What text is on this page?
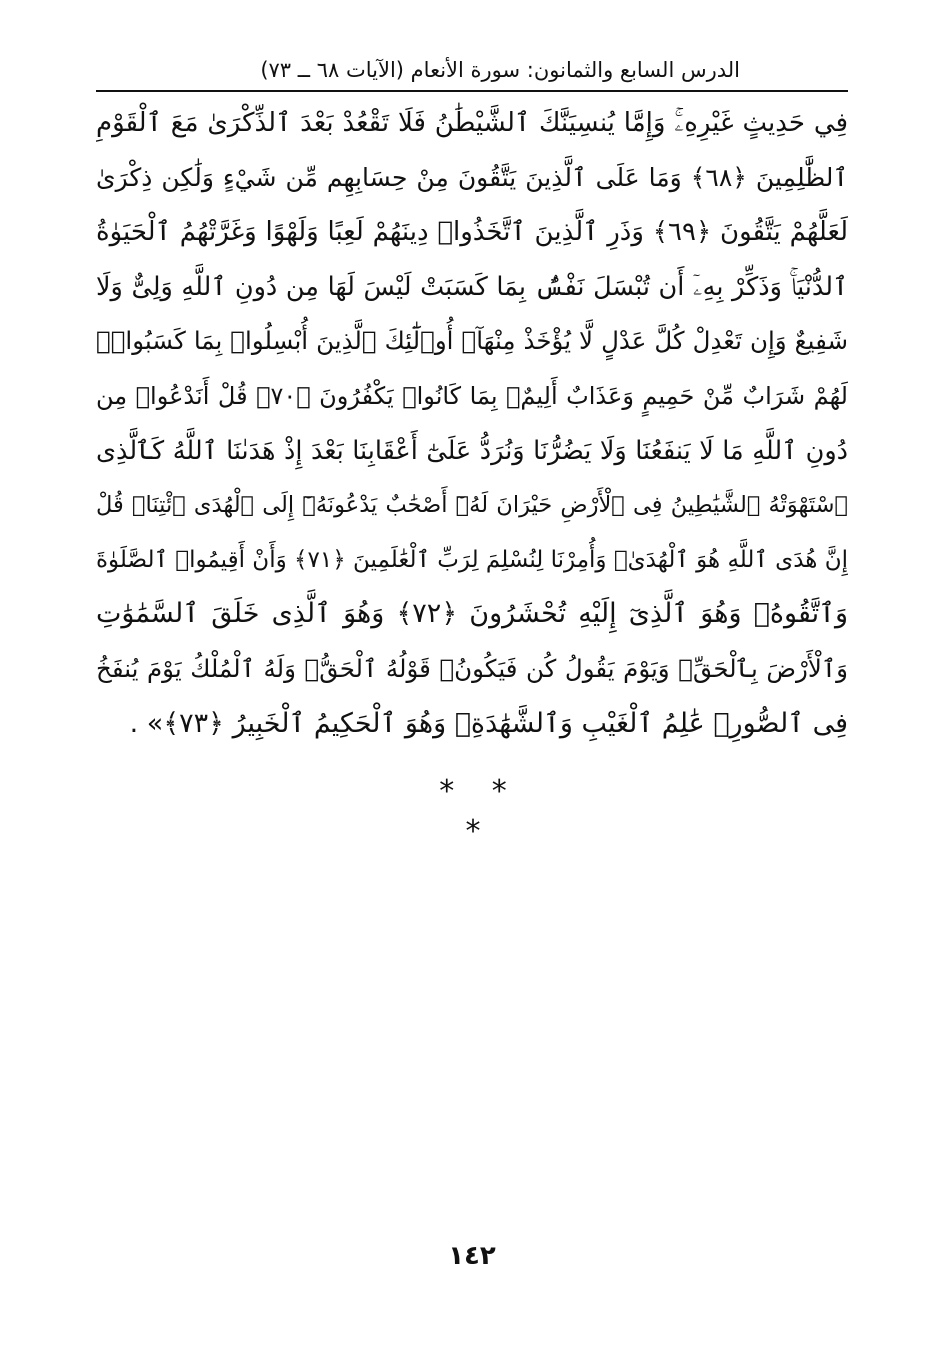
الدرس السابع والثمانون: سورة الأنعام (الآيات ٦٨ ــ ٧٣)
فِي حَدِيثٍ غَيْرِهِۦۚ وَإِمَّا يُنسِيَنَّكَ ٱلشَّيْطَٰنُ فَلَا تَقْعُدْ بَعْدَ ٱلذِّكْرَىٰ مَعَ ٱلْقَوْمِ
ٱلظَّٰلِمِينَ ﴿٦٨﴾ وَمَا عَلَى ٱلَّذِينَ يَتَّقُونَ مِنْ حِسَابِهِم مِّن شَيْءٍ وَلَٰكِن ذِكْرَىٰ
لَعَلَّهُمْ يَتَّقُونَ ﴿٦٩﴾ وَذَرِ ٱلَّذِينَ ٱتَّخَذُوا۟ دِينَهُمْ لَعِبًا وَلَهْوًا وَغَرَّتْهُمُ ٱلْحَيَوٰةُ
ٱلدُّنْيَاۚ وَذَكِّرْ بِهِۦٓ أَن تُبْسَلَ نَفْسٌۢ بِمَا كَسَبَتْ لَيْسَ لَهَا مِن دُونِ ٱللَّهِ وَلِىٌّ وَلَا
شَفِيعٌ وَإِن تَعْدِلْ كُلَّ عَدْلٍ لَّا يُؤْخَذْ مِنْهَآۗ أُو۟لَٰٓئِكَ ٱلَّذِينَ أُبْسِلُوا۟ بِمَا كَسَبُوا۟ۖ
لَهُمْ شَرَابٌ مِّنْ حَمِيمٍ وَعَذَابٌ أَلِيمٌۢ بِمَا كَانُوا۟ يَكْفُرُونَ ﴿٧٠﴾ قُلْ أَنَدْعُوا۟ مِن
دُونِ ٱللَّهِ مَا لَا يَنفَعُنَا وَلَا يَضُرُّنَا وَنُرَدُّ عَلَىٰٓ أَعْقَابِنَا بَعْدَ إِذْ هَدَىٰنَا ٱللَّهُ كَٱلَّذِى
ٱسْتَهْوَتْهُ ٱلشَّيَٰطِينُ فِى ٱلْأَرْضِ حَيْرَانَ لَهُۥٓ أَصْحَٰبٌ يَدْعُونَهُۥٓ إِلَى ٱلْهُدَى ٱئْتِنَاۗ قُلْ
إِنَّ هُدَى ٱللَّهِ هُوَ ٱلْهُدَىٰۖ وَأُمِرْنَا لِنُسْلِمَ لِرَبِّ ٱلْعَٰلَمِينَ ﴿٧١﴾ وَأَنْ أَقِيمُوا۟ ٱلصَّلَوٰةَ
وَٱتَّقُوهُۚ وَهُوَ ٱلَّذِىٓ إِلَيْهِ تُحْشَرُونَ ﴿٧٢﴾ وَهُوَ ٱلَّذِى خَلَقَ ٱلسَّمَٰوَٰتِ
وَٱلْأَرْضَ بِٱلْحَقِّۖ وَيَوْمَ يَقُولُ كُن فَيَكُونُۚ قَوْلُهُ ٱلْحَقُّۚ وَلَهُ ٱلْمُلْكُ يَوْمَ يُنفَخُ
فِى ٱلصُّورِۚ عَٰلِمُ ٱلْغَيْبِ وَٱلشَّهَٰدَةِۚ وَهُوَ ٱلْحَكِيمُ ٱلْخَبِيرُ ﴿٧٣﴾» .
* * *
١٤٢
